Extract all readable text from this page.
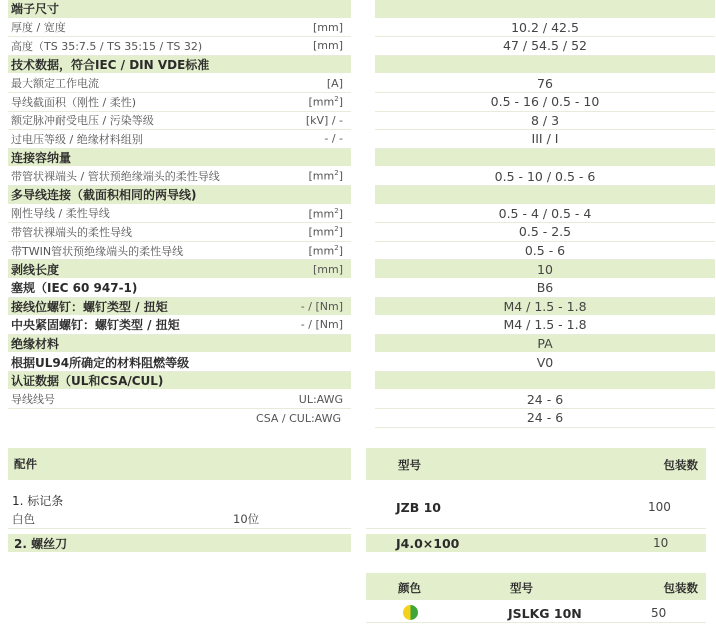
端子尺寸
厚度 / 宽度	[mm]	10.2 / 42.5
高度（TS 35:7.5 / TS 35:15 / TS 32)	[mm]	47 / 54.5 / 52
技术数据，符合IEC / DIN VDE标准
最大额定工作电流	[A]	76
导线截面积（刚性 / 柔性)	$[mm^2]$	0.5 - 16 / 0.5 - 10
额定脉冲耐受电压 / 污染等级	[kV] / -	8 / 3
过电压等级 / 绝缘材料组别	- / -	III / I
连接容纳量
带管状裸端头 / 管状预绝缘端头的柔性导线	$[mm^2]$	0.5 - 10 / 0.5 - 6
多导线连接（截面积相同的两导线)
刚性导线 / 柔性导线	$[mm^2]$	0.5 - 4 / 0.5 - 4
带管状裸端头的柔性导线	$[mm^2]$	0.5 - 2.5
带TWIN管状预绝缘端头的柔性导线	$[mm^2]$	0.5 - 6
剥线长度	[mm]	10
塞规（IEC 60 947-1)	B6
接线位螺钉：螺钉类型 / 扭矩	- / [Nm]	M4 / 1.5 - 1.8
中央紧固螺钉：螺钉类型 / 扭矩	- / [Nm]	M4 / 1.5 - 1.8
绝缘材料	PA
根据UL94所确定的材料阻燃等级	V0
认证数据（UL和CSA/CUL)
导线线号	UL:AWG	24 - 6
CSA / CUL:AWG	24 - 6
配件	型号	包装数
1. 标记条
白色	10位
JZB 10	100
2. 螺丝刀	J4.0×100	10
颜色	型号	包装数
JSLKG 10N	50
